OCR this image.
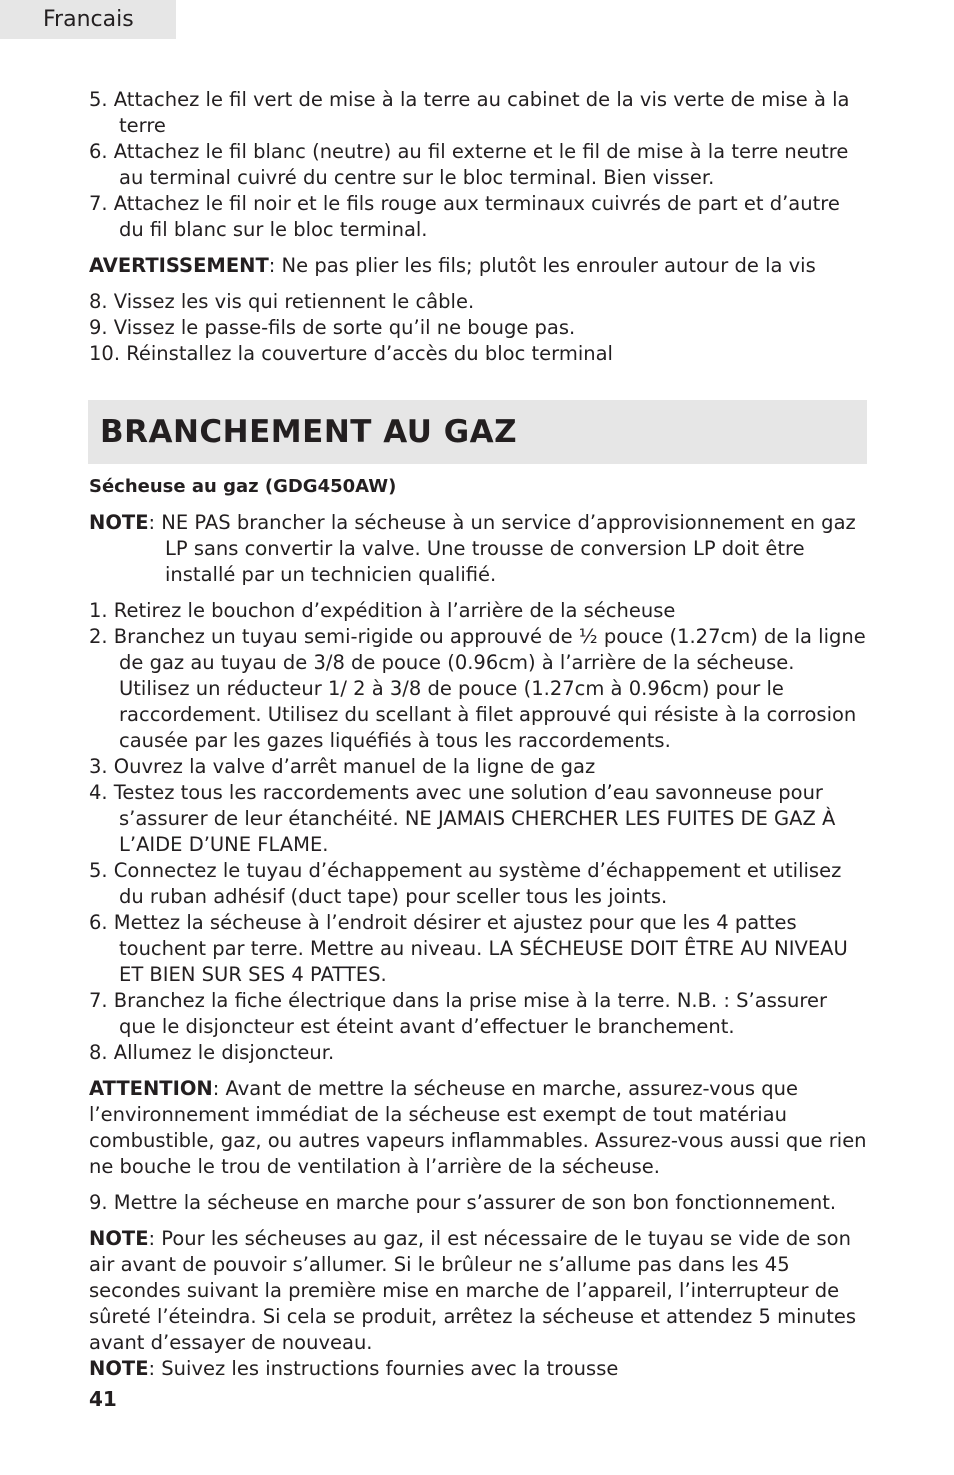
Francais

5. Attachez le fil vert de mise à la terre au cabinet de la vis verte de mise à la terre

6. Attachez le fil blanc (neutre) au fil externe et le fil de mise à la terre neutre au terminal cuivré du centre sur le bloc terminal. Bien visser.

7. Attachez le fil noir et le fils rouge aux terminaux cuivrés de part et d’autre du fil blanc sur le bloc terminal.

AVERTISSEMENT: Ne pas plier les fils; plutôt les enrouler autour de la vis

8. Vissez les vis qui retiennent le câble.

9. Vissez le passe-fils de sorte qu’il ne bouge pas.

10. Réinstallez la couverture d’accès du bloc terminal

BRANCHEMENT AU GAZ

Sécheuse au gaz (GDG450AW)

NOTE: NE PAS brancher la sécheuse à un service d’approvisionnement en gaz LP sans convertir la valve. Une trousse de conversion LP doit être installé par un technicien qualifié.

1. Retirez le bouchon d’expédition à l’arrière de la sécheuse

2. Branchez un tuyau semi-rigide ou approuvé de ½ pouce (1.27cm) de la ligne de gaz au tuyau de 3/8 de pouce (0.96cm) à l’arrière de la sécheuse. Utilisez un réducteur 1/ 2 à 3/8 de pouce (1.27cm à 0.96cm) pour le raccordement. Utilisez du scellant à filet approuvé qui résiste à la corrosion causée par les gazes liquéfiés à tous les raccordements.

3. Ouvrez la valve d’arrêt manuel de la ligne de gaz

4. Testez tous les raccordements avec une solution d’eau savonneuse pour s’assurer de leur étanchéité. NE JAMAIS CHERCHER LES FUITES DE GAZ À L’AIDE D’UNE FLAME.

5. Connectez le tuyau d’échappement au système d’échappement et utilisez du ruban adhésif (duct tape) pour sceller tous les joints.

6. Mettez la sécheuse à l’endroit désirer et ajustez pour que les 4 pattes touchent par terre. Mettre au niveau. LA SÉCHEUSE DOIT ÊTRE AU NIVEAU ET BIEN SUR SES 4 PATTES.

7. Branchez la fiche électrique dans la prise mise à la terre. N.B. : S’assurer que le disjoncteur est éteint avant d’effectuer le branchement.

8. Allumez le disjoncteur.

ATTENTION: Avant de mettre la sécheuse en marche, assurez-vous que l’environnement immédiat de la sécheuse est exempt de tout matériau combustible, gaz, ou autres vapeurs inflammables. Assurez-vous aussi que rien ne bouche le trou de ventilation à l’arrière de la sécheuse.

9. Mettre la sécheuse en marche pour s’assurer de son bon fonctionnement.

NOTE: Pour les sécheuses au gaz, il est nécessaire de le tuyau se vide de son air avant de pouvoir s’allumer. Si le brûleur ne s’allume pas dans les 45 secondes suivant la première mise en marche de l’appareil, l’interrupteur de sûreté l’éteindra. Si cela se produit, arrêtez la sécheuse et attendez 5 minutes avant d’essayer de nouveau.

NOTE: Suivez les instructions fournies avec la trousse

41
